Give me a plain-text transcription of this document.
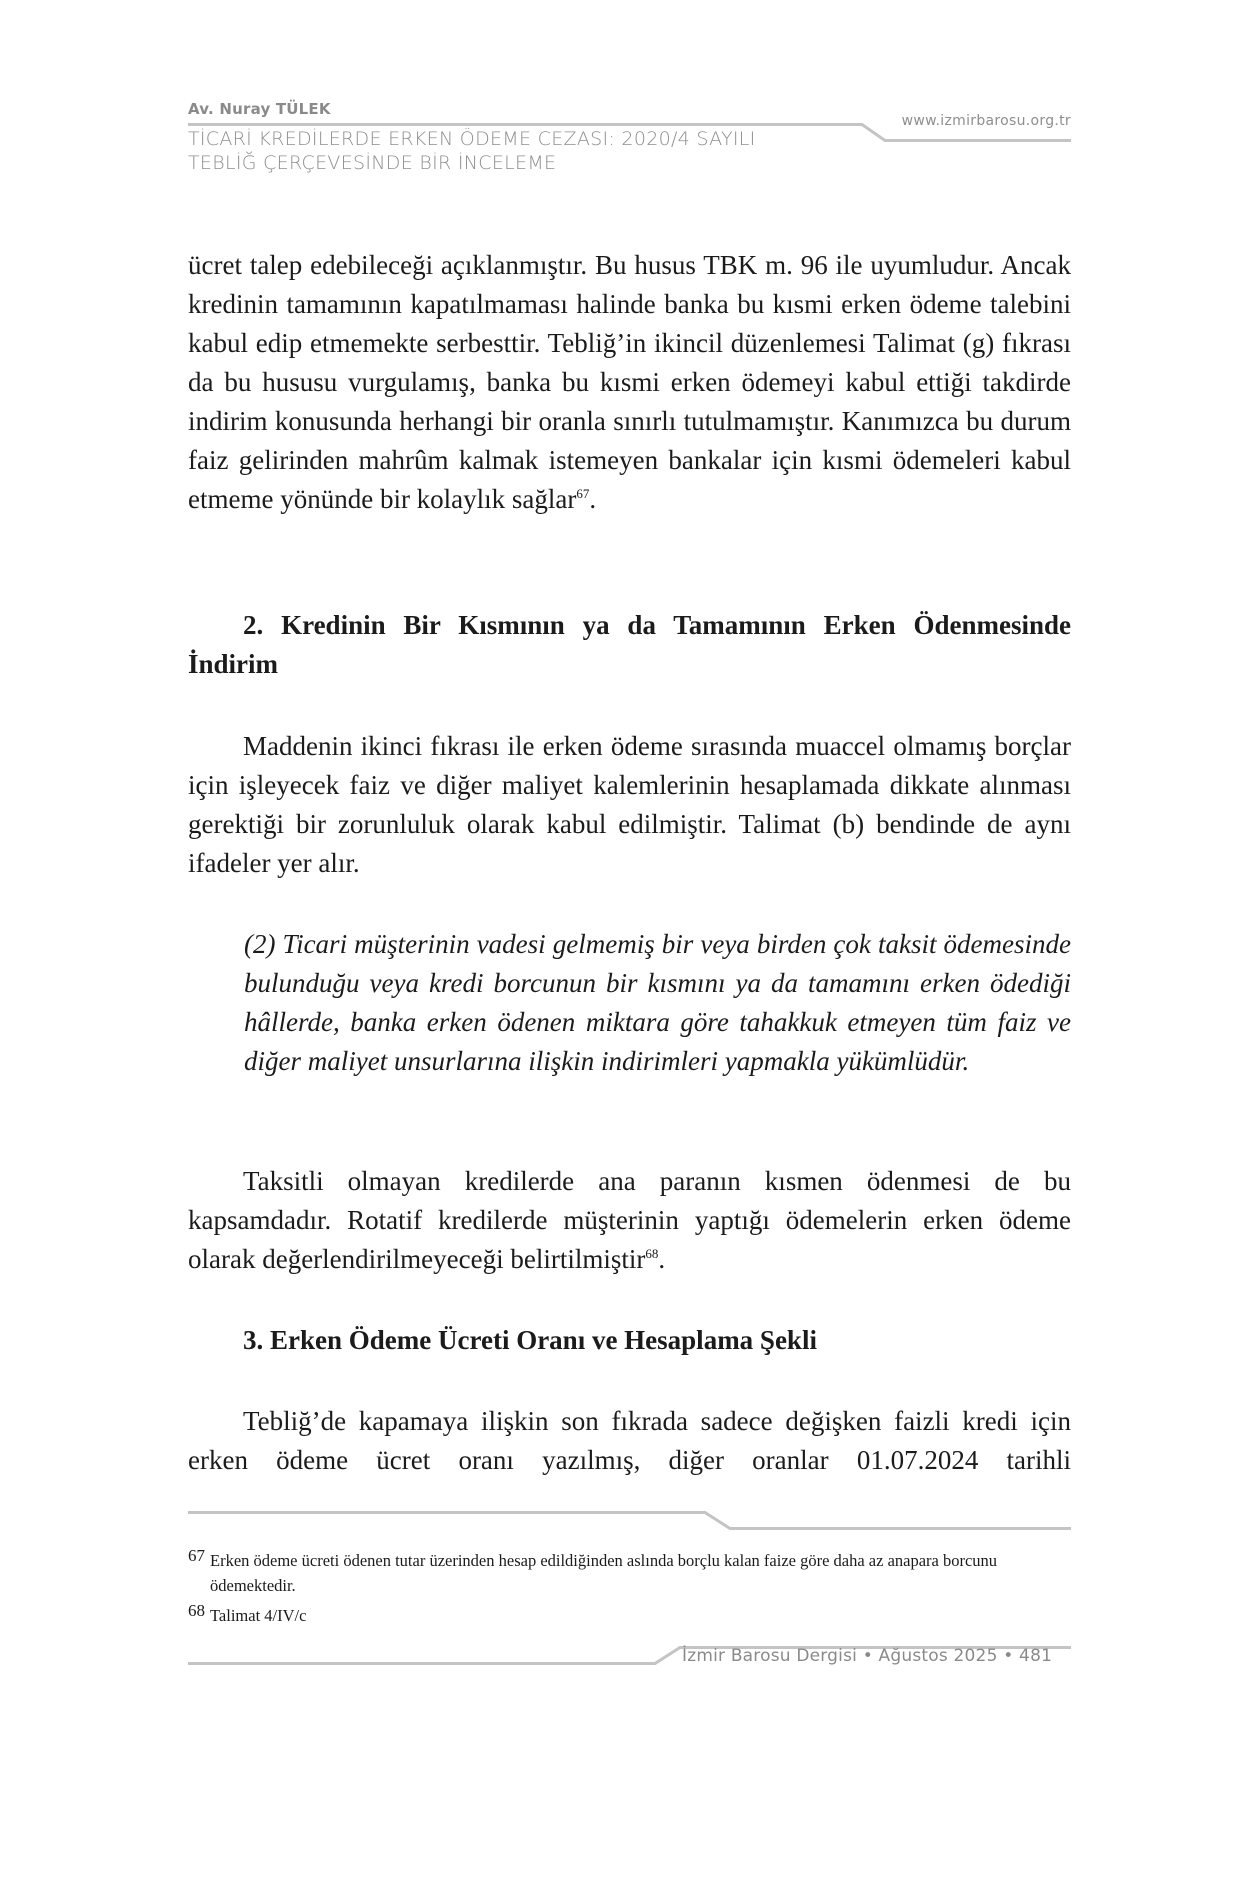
Av. Nuray TÜLEK
TİCARİ KREDİLERDE ERKEN ÖDEME CEZASI: 2020/4 SAYILI
TEBLİĞ ÇERÇEVESİNDE BİR İNCELEME
www.izmirbarosu.org.tr

ücret talep edebileceği açıklanmıştır. Bu husus TBK m. 96 ile uyumludur. Ancak kredinin tamamının kapatılmaması halinde banka bu kısmi erken ödeme talebini kabul edip etmemekte serbesttir. Tebliğ’in ikincil düzenlemesi Talimat (g) fıkrası da bu hususu vurgulamış, banka bu kısmi erken ödemeyi kabul ettiği takdirde indirim konusunda herhangi bir oranla sınırlı tutulmamıştır. Kanımızca bu durum faiz gelirinden mahrûm kalmak istemeyen bankalar için kısmi ödemeleri kabul etmeme yönünde bir kolaylık sağlar$^{67}$.

2. Kredinin Bir Kısmının ya da Tamamının Erken Ödenmesinde İndirim

Maddenin ikinci fıkrası ile erken ödeme sırasında muaccel olmamış borçlar için işleyecek faiz ve diğer maliyet kalemlerinin hesaplamada dikkate alınması gerektiği bir zorunluluk olarak kabul edilmiştir. Talimat (b) bendinde de aynı ifadeler yer alır.

(2) Ticari müşterinin vadesi gelmemiş bir veya birden çok taksit ödemesinde bulunduğu veya kredi borcunun bir kısmını ya da tamamını erken ödediği hâllerde, banka erken ödenen miktara göre tahakkuk etmeyen tüm faiz ve diğer maliyet unsurlarına ilişkin indirimleri yapmakla yükümlüdür.

Taksitli olmayan kredilerde ana paranın kısmen ödenmesi de bu kapsamdadır. Rotatif kredilerde müşterinin yaptığı ödemelerin erken ödeme olarak değerlendirilmeyeceği belirtilmiştir$^{68}$.

3. Erken Ödeme Ücreti Oranı ve Hesaplama Şekli

Tebliğ’de kapamaya ilişkin son fıkrada sadece değişken faizli kredi için erken ödeme ücret oranı yazılmış, diğer oranlar 01.07.2024 tarihli

67 Erken ödeme ücreti ödenen tutar üzerinden hesap edildiğinden aslında borçlu kalan faize göre daha az anapara borcunu ödemektedir.
68 Talimat 4/IV/c
İzmir Barosu Dergisi • Ağustos 2025 • 481
